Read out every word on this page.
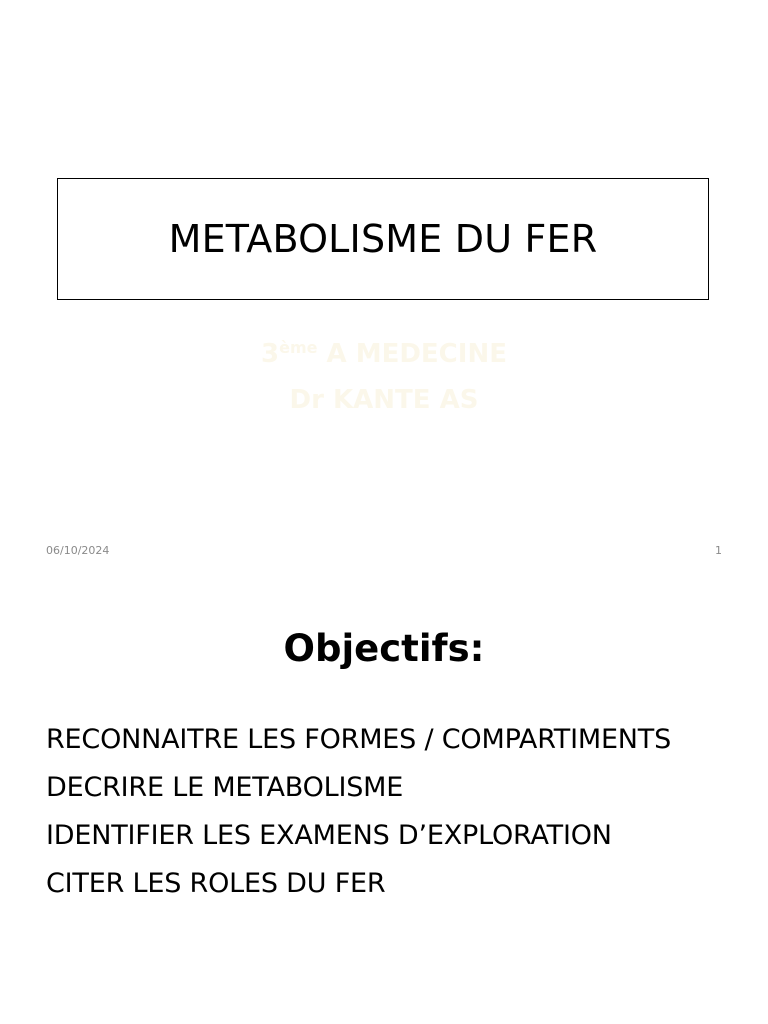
METABOLISME DU FER
3ème A MEDECINE
Dr KANTE AS
06/10/2024	1
Objectifs:
RECONNAITRE LES FORMES / COMPARTIMENTS
DECRIRE LE METABOLISME
IDENTIFIER LES EXAMENS D’EXPLORATION
CITER LES ROLES DU FER
